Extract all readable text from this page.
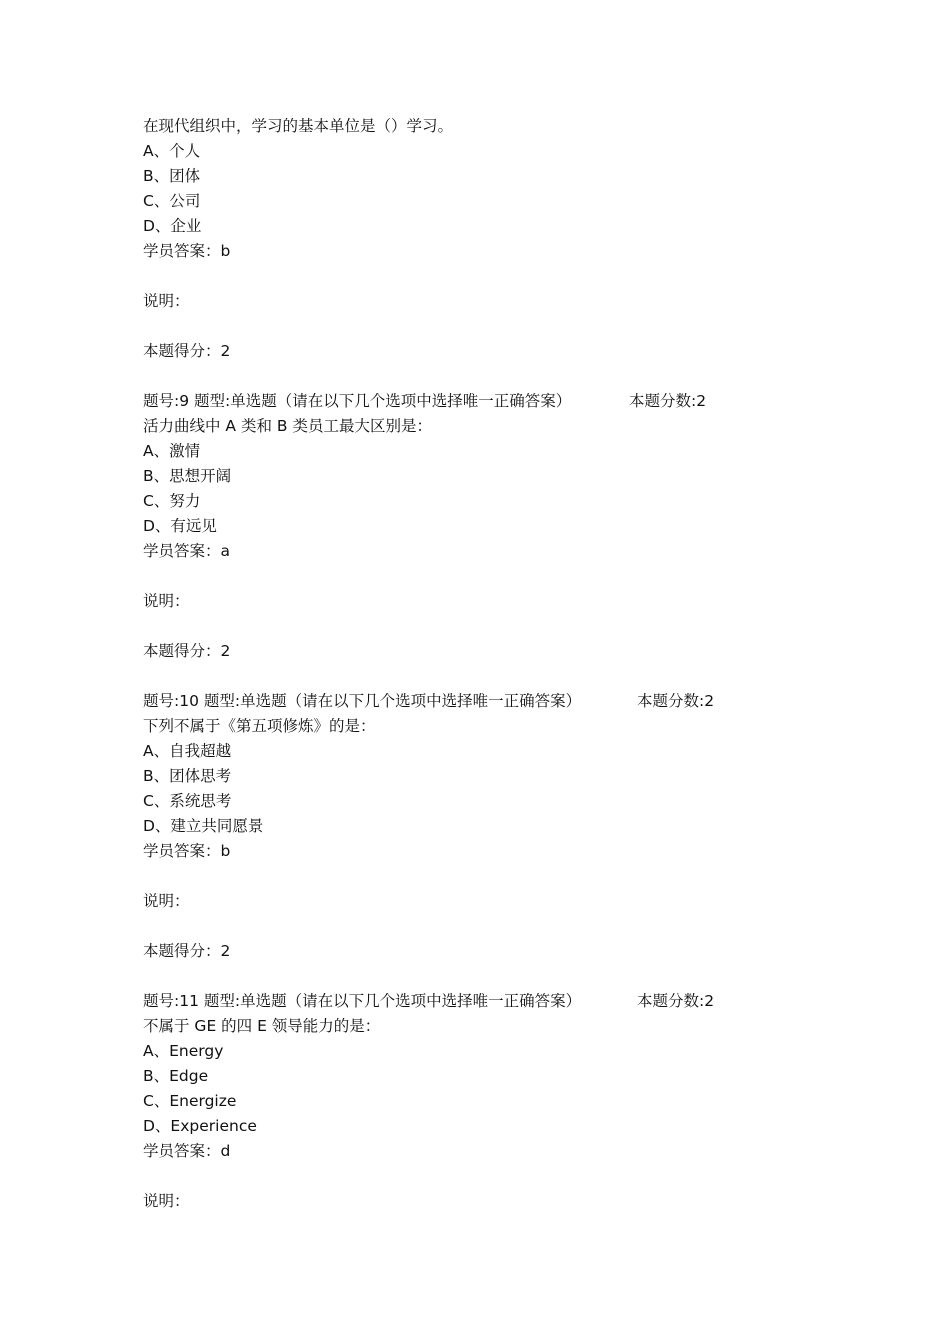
在现代组织中，学习的基本单位是（）学习。
A、个人
B、团体
C、公司
D、企业
学员答案：b
说明：
本题得分：2
题号:9 题型:单选题（请在以下几个选项中选择唯一正确答案）	本题分数:2
活力曲线中 A 类和 B 类员工最大区别是：
A、激情
B、思想开阔
C、努力
D、有远见
学员答案：a
说明：
本题得分：2
题号:10 题型:单选题（请在以下几个选项中选择唯一正确答案）	本题分数:2
下列不属于《第五项修炼》的是：
A、自我超越
B、团体思考
C、系统思考
D、建立共同愿景
学员答案：b
说明：
本题得分：2
题号:11 题型:单选题（请在以下几个选项中选择唯一正确答案）	本题分数:2
不属于 GE 的四 E 领导能力的是：
A、Energy
B、Edge
C、Energize
D、Experience
学员答案：d
说明：
